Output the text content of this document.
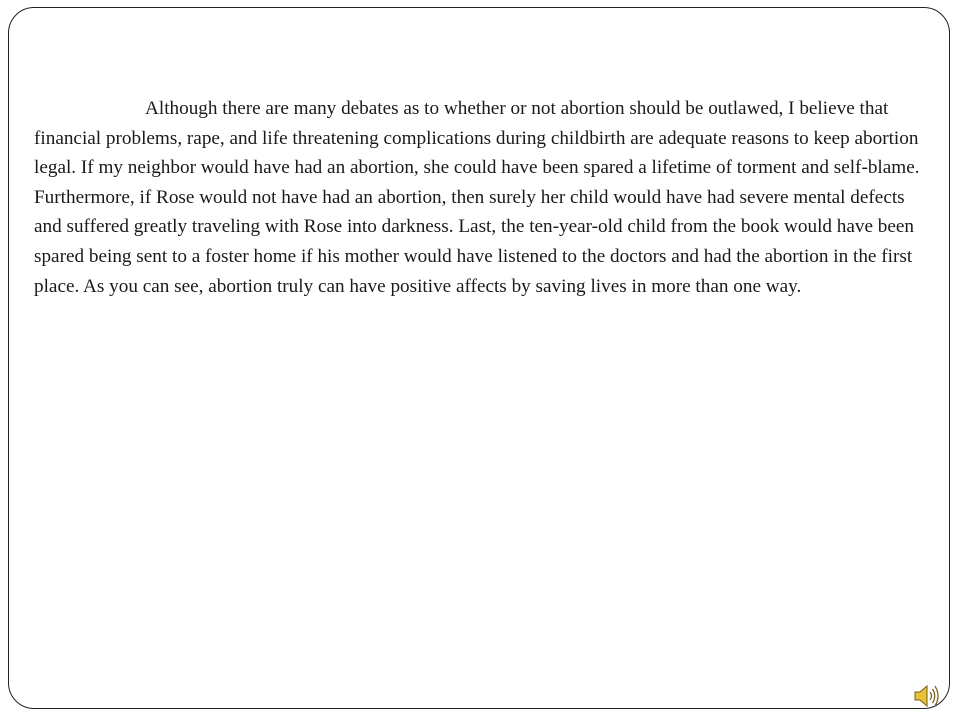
Although there are many debates as to whether or not abortion should be outlawed, I believe that financial problems, rape, and life threatening complications during childbirth are adequate reasons to keep abortion legal. If my neighbor would have had an abortion, she could have been spared a lifetime of torment and self-blame. Furthermore, if Rose would not have had an abortion, then surely her child would have had severe mental defects and suffered greatly traveling with Rose into darkness. Last, the ten-year-old child from the book would have been spared being sent to a foster home if his mother would have listened to the doctors and had the abortion in the first place. As you can see, abortion truly can have positive affects by saving lives in more than one way.
